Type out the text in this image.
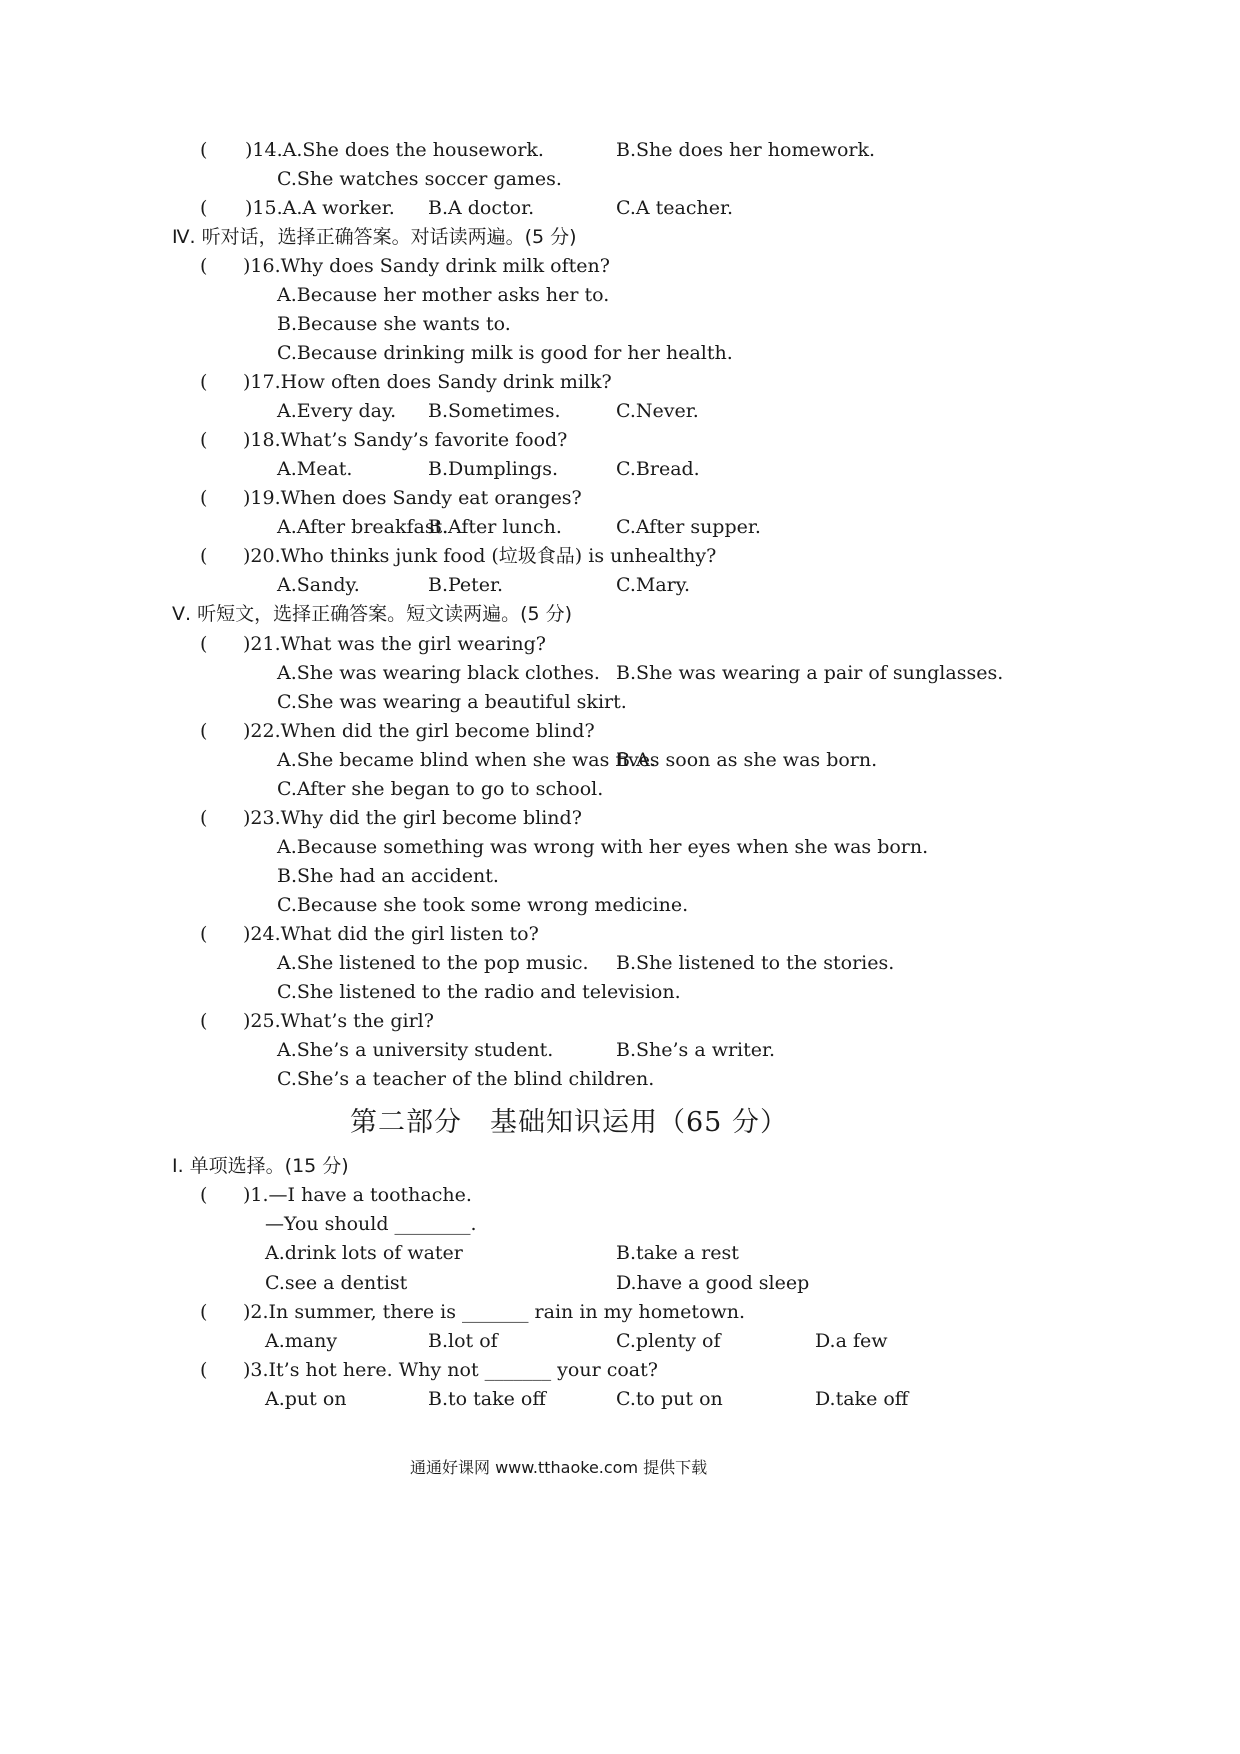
( )14.A.She does the housework.	B.She does her homework.
C.She watches soccer games.
( )15.A.A worker. B.A doctor.	C.A teacher.
Ⅳ. 听对话，选择正确答案。对话读两遍。(5 分)
( )16.Why does Sandy drink milk often?
A.Because her mother asks her to.
B.Because she wants to.
C.Because drinking milk is good for her health.
( )17.How often does Sandy drink milk?
A.Every day. B.Sometimes.	C.Never.
( )18.What’s Sandy’s favorite food?
A.Meat.	B.Dumplings.	C.Bread.
( )19.When does Sandy eat oranges?
A.After breakfast.
B.After lunch.	C.After supper.
( )20.Who thinks junk food (垃圾食品) is unhealthy?
A.Sandy.	B.Peter.	C.Mary.
Ⅴ. 听短文，选择正确答案。短文读两遍。(5 分)
( )21.What was the girl wearing?
A.She was wearing black clothes. B.She was wearing a pair of sunglasses.
C.She was wearing a beautiful skirt.
( )22.When did the girl become blind?
A.She became blind when she was five.
B.As soon as she was born.
C.After she began to go to school.
( )23.Why did the girl become blind?
A.Because something was wrong with her eyes when she was born.
B.She had an accident.
C.Because she took some wrong medicine.
( )24.What did the girl listen to?
A.She listened to the pop music. B.She listened to the stories.
C.She listened to the radio and television.
( )25.What’s the girl?
A.She’s a university student.	B.She’s a writer.
C.She’s a teacher of the blind children.
第二部分　基础知识运用（65 分）
Ⅰ. 单项选择。(15 分)
( )1.—I have a toothache.
—You should ________.
A.drink lots of water	B.take a rest
C.see a dentist	D.have a good sleep
( )2.In summer, there is _______ rain in my hometown.
A.many	B.lot of	C.plenty of	D.a few
( )3.It’s hot here. Why not _______ your coat?
A.put on	B.to take off	C.to put on	D.take off
通通好课网 www.tthaoke.com 提供下载
